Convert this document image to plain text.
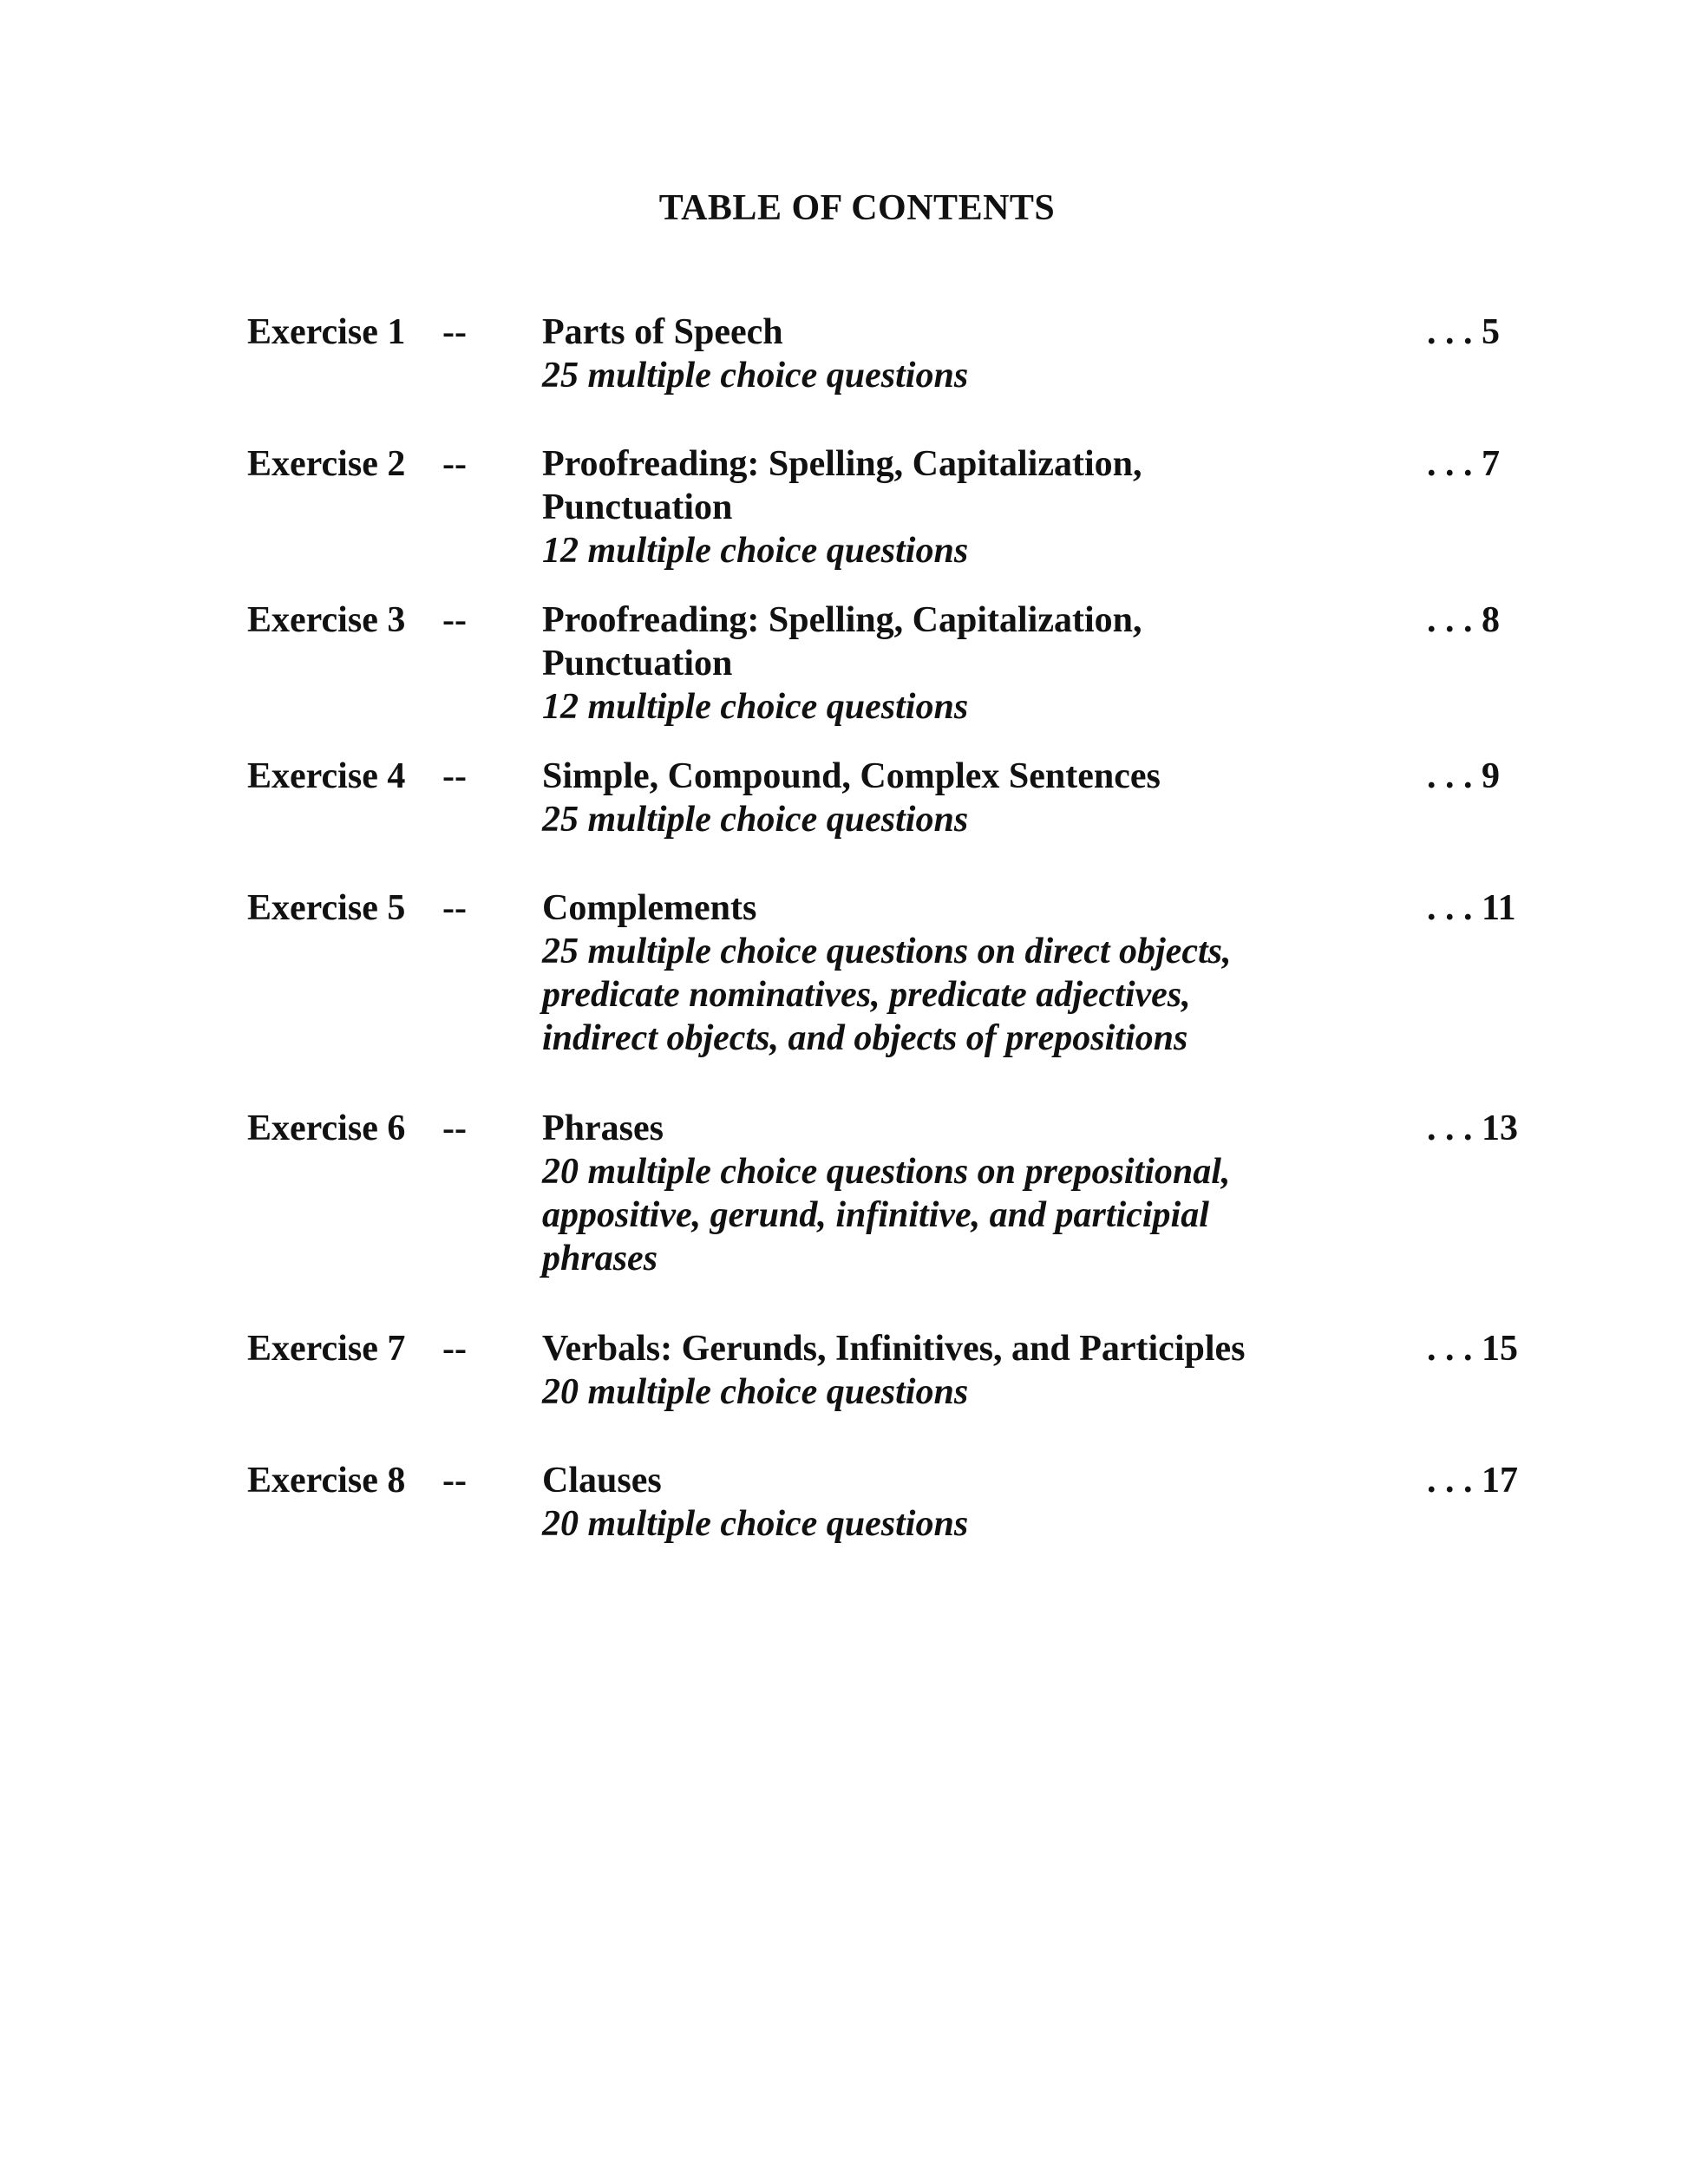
TABLE OF CONTENTS
Exercise 1 -- Parts of Speech
25 multiple choice questions
. . . 5
Exercise 2 -- Proofreading: Spelling, Capitalization,
Punctuation
12 multiple choice questions
. . . 7
Exercise 3 -- Proofreading: Spelling, Capitalization,
Punctuation
12 multiple choice questions
. . . 8
Exercise 4 -- Simple, Compound, Complex Sentences
25 multiple choice questions
. . . 9
Exercise 5 -- Complements
25 multiple choice questions on direct objects,
predicate nominatives, predicate adjectives,
indirect objects, and objects of prepositions
. . . 11
Exercise 6 -- Phrases
20 multiple choice questions on prepositional,
appositive, gerund, infinitive, and participial
phrases
. . . 13
Exercise 7 -- Verbals: Gerunds, Infinitives, and Participles
20 multiple choice questions
. . . 15
Exercise 8 -- Clauses
20 multiple choice questions
. . . 17
